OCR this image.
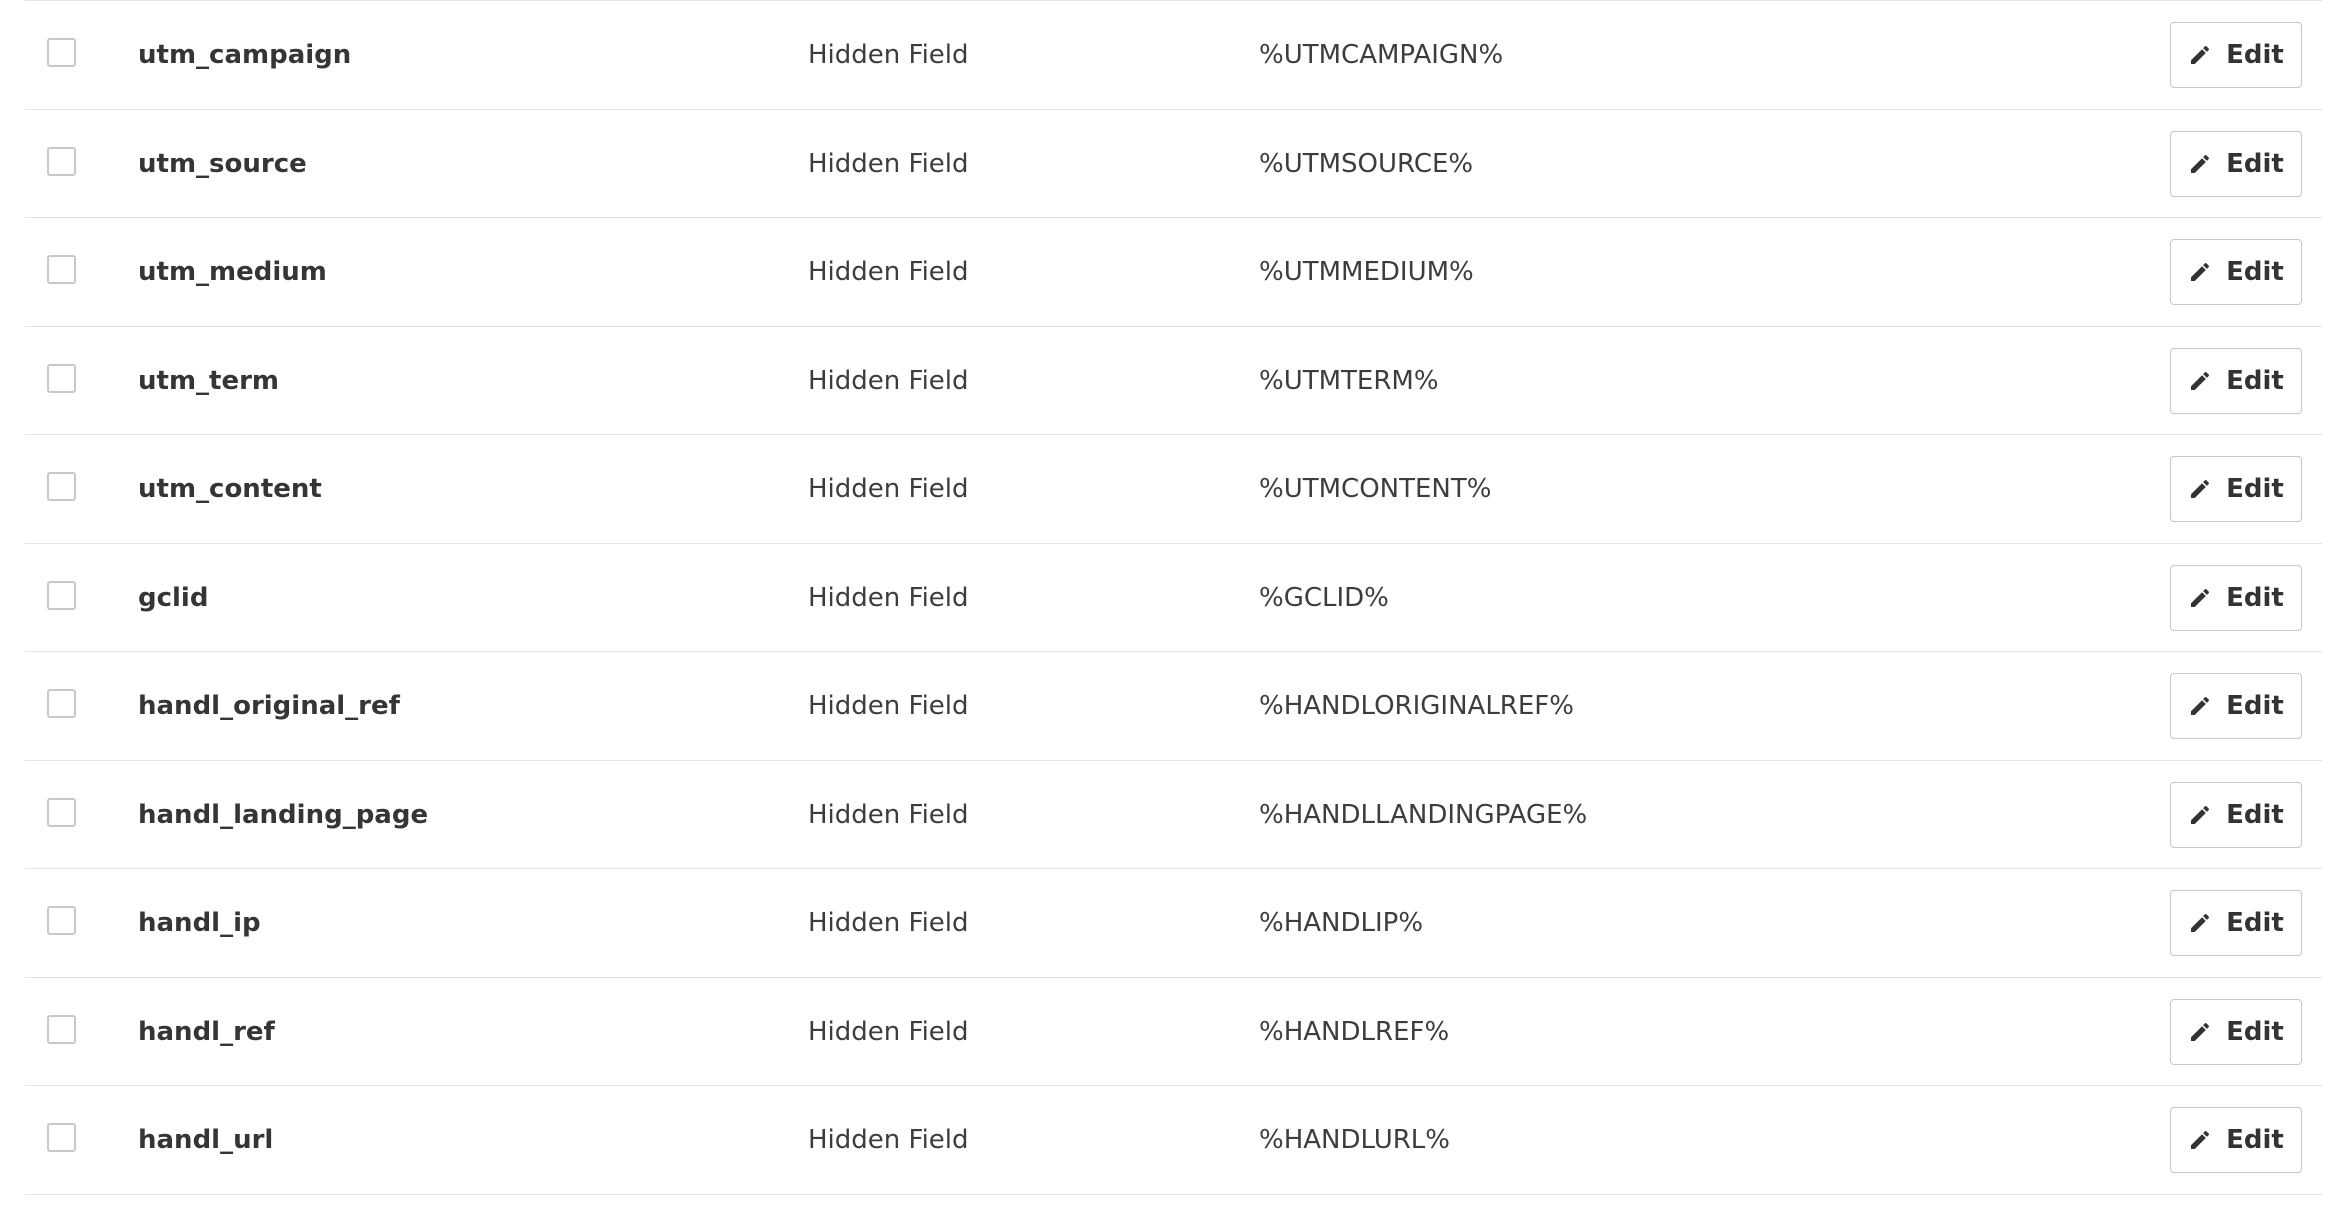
utm_campaign	Hidden Field	%UTMCAMPAIGN%	Edit
utm_source	Hidden Field	%UTMSOURCE%	Edit
utm_medium	Hidden Field	%UTMMEDIUM%	Edit
utm_term	Hidden Field	%UTMTERM%	Edit
utm_content	Hidden Field	%UTMCONTENT%	Edit
gclid	Hidden Field	%GCLID%	Edit
handl_original_ref	Hidden Field	%HANDLORIGINALREF%	Edit
handl_landing_page	Hidden Field	%HANDLLANDINGPAGE%	Edit
handl_ip	Hidden Field	%HANDLIP%	Edit
handl_ref	Hidden Field	%HANDLREF%	Edit
handl_url	Hidden Field	%HANDLURL%	Edit
